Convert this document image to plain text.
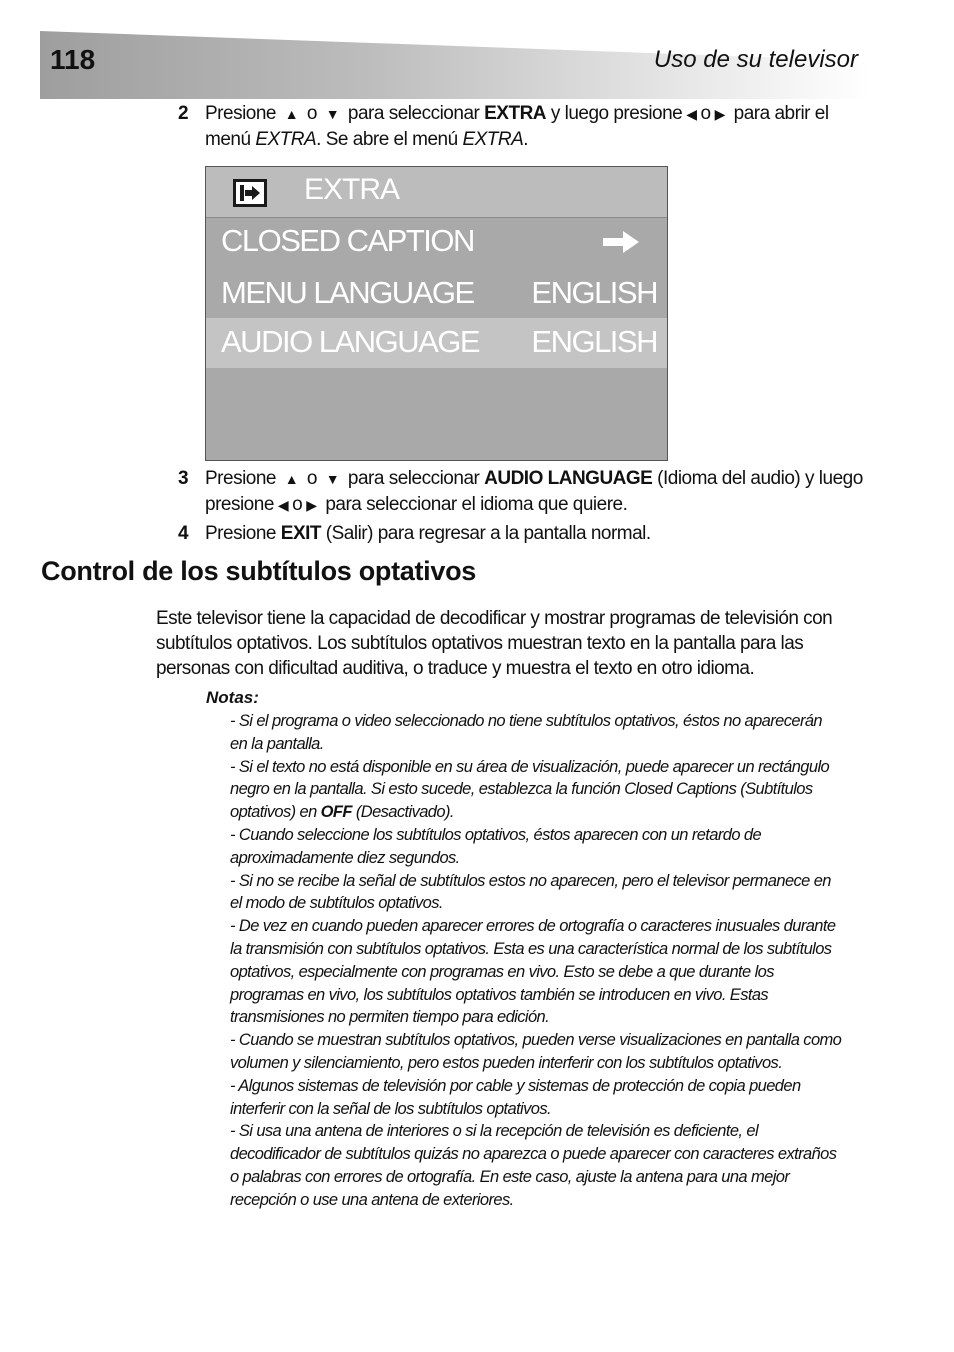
118	Uso de su televisor
2 Presione ▲ o ▼ para seleccionar EXTRA y luego presione ◀ o ▶ para abrir el menú EXTRA. Se abre el menú EXTRA.
EXTRA
CLOSED CAPTION
MENU LANGUAGE ENGLISH
AUDIO LANGUAGE ENGLISH
3 Presione ▲ o ▼ para seleccionar AUDIO LANGUAGE (Idioma del audio) y luego presione ◀ o ▶ para seleccionar el idioma que quiere.
4 Presione EXIT (Salir) para regresar a la pantalla normal.
Control de los subtítulos optativos

Este televisor tiene la capacidad de decodificar y mostrar programas de televisión con subtítulos optativos. Los subtítulos optativos muestran texto en la pantalla para las personas con dificultad auditiva, o traduce y muestra el texto en otro idioma.

Notas:
- Si el programa o video seleccionado no tiene subtítulos optativos, éstos no aparecerán en la pantalla.
- Si el texto no está disponible en su área de visualización, puede aparecer un rectángulo negro en la pantalla. Si esto sucede, establezca la función Closed Captions (Subtítulos optativos) en OFF (Desactivado).
- Cuando seleccione los subtítulos optativos, éstos aparecen con un retardo de aproximadamente diez segundos.
- Si no se recibe la señal de subtítulos estos no aparecen, pero el televisor permanece en el modo de subtítulos optativos.
- De vez en cuando pueden aparecer errores de ortografía o caracteres inusuales durante la transmisión con subtítulos optativos. Esta es una característica normal de los subtítulos optativos, especialmente con programas en vivo. Esto se debe a que durante los programas en vivo, los subtítulos optativos también se introducen en vivo. Estas transmisiones no permiten tiempo para edición.
- Cuando se muestran subtítulos optativos, pueden verse visualizaciones en pantalla como volumen y silenciamiento, pero estos pueden interferir con los subtítulos optativos.
- Algunos sistemas de televisión por cable y sistemas de protección de copia pueden interferir con la señal de los subtítulos optativos.
- Si usa una antena de interiores o si la recepción de televisión es deficiente, el decodificador de subtítulos quizás no aparezca o puede aparecer con caracteres extraños o palabras con errores de ortografía. En este caso, ajuste la antena para una mejor recepción o use una antena de exteriores.
